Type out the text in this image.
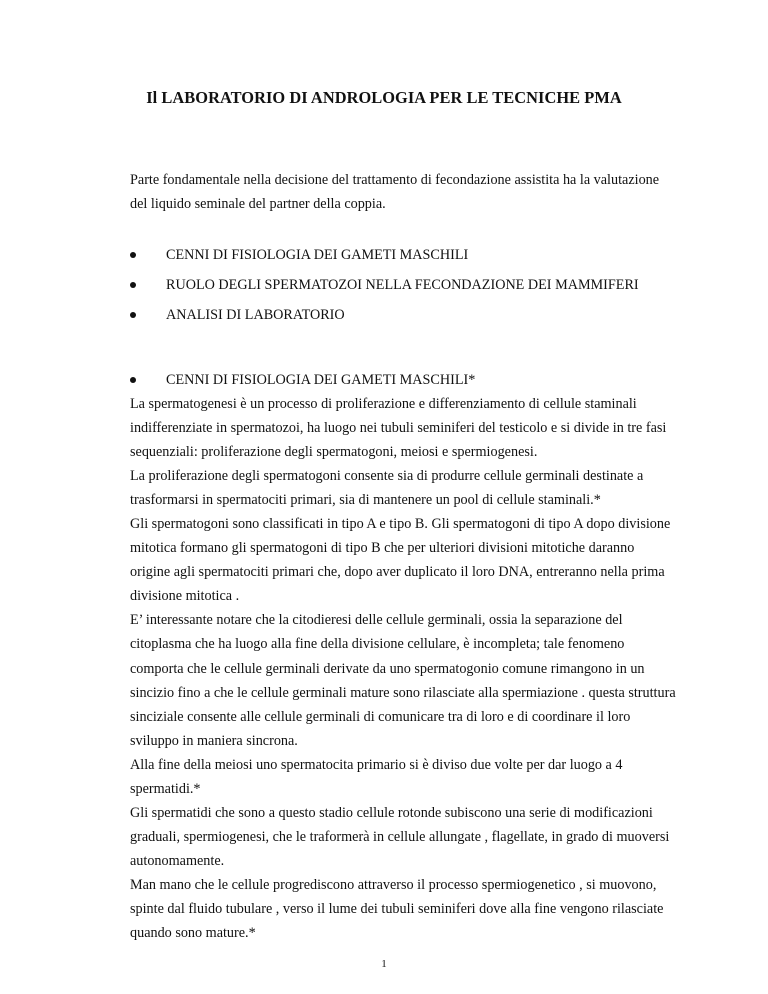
Il LABORATORIO DI ANDROLOGIA PER LE TECNICHE PMA
Parte fondamentale nella decisione del trattamento di fecondazione assistita ha la valutazione del liquido seminale del partner della coppia.
CENNI DI FISIOLOGIA DEI GAMETI MASCHILI
RUOLO DEGLI SPERMATOZOI NELLA FECONDAZIONE DEI MAMMIFERI
ANALISI DI LABORATORIO
CENNI DI FISIOLOGIA DEI GAMETI MASCHILI*

La spermatogenesi è un processo di proliferazione e differenziamento di cellule staminali indifferenziate in spermatozoi, ha luogo nei tubuli seminiferi del testicolo e si divide in tre fasi sequenziali: proliferazione degli spermatogoni, meiosi e spermiogenesi.

La proliferazione degli spermatogoni consente sia di produrre cellule germinali destinate a trasformarsi in spermatociti primari, sia di mantenere un pool di cellule staminali.*

Gli spermatogoni sono classificati in tipo A e tipo B. Gli spermatogoni di tipo A dopo divisione mitotica formano gli spermatogoni di tipo B che per ulteriori divisioni mitotiche daranno origine agli spermatociti primari che, dopo aver duplicato il loro DNA, entreranno nella prima divisione mitotica .

E’ interessante notare che la citodieresi delle cellule germinali, ossia la separazione del citoplasma che ha luogo alla fine della divisione cellulare, è incompleta; tale fenomeno comporta che le cellule germinali derivate da uno spermatogonio comune rimangono in un sincizio fino a che le cellule germinali mature sono rilasciate alla spermiazione . questa struttura sinciziale consente alle cellule germinali di comunicare tra di loro e di coordinare il loro sviluppo in maniera sincrona.

Alla fine della meiosi uno spermatocita primario si è diviso due volte per dar luogo a 4 spermatidi.*

Gli spermatidi che sono a questo stadio cellule rotonde subiscono una serie di modificazioni graduali, spermiogenesi, che le traformerà in cellule allungate , flagellate, in grado di muoversi autonomamente.

Man mano che le cellule progrediscono attraverso il processo spermiogenetico , si muovono, spinte dal fluido tubulare , verso il lume dei tubuli seminiferi dove alla fine vengono rilasciate quando sono mature.*

1
